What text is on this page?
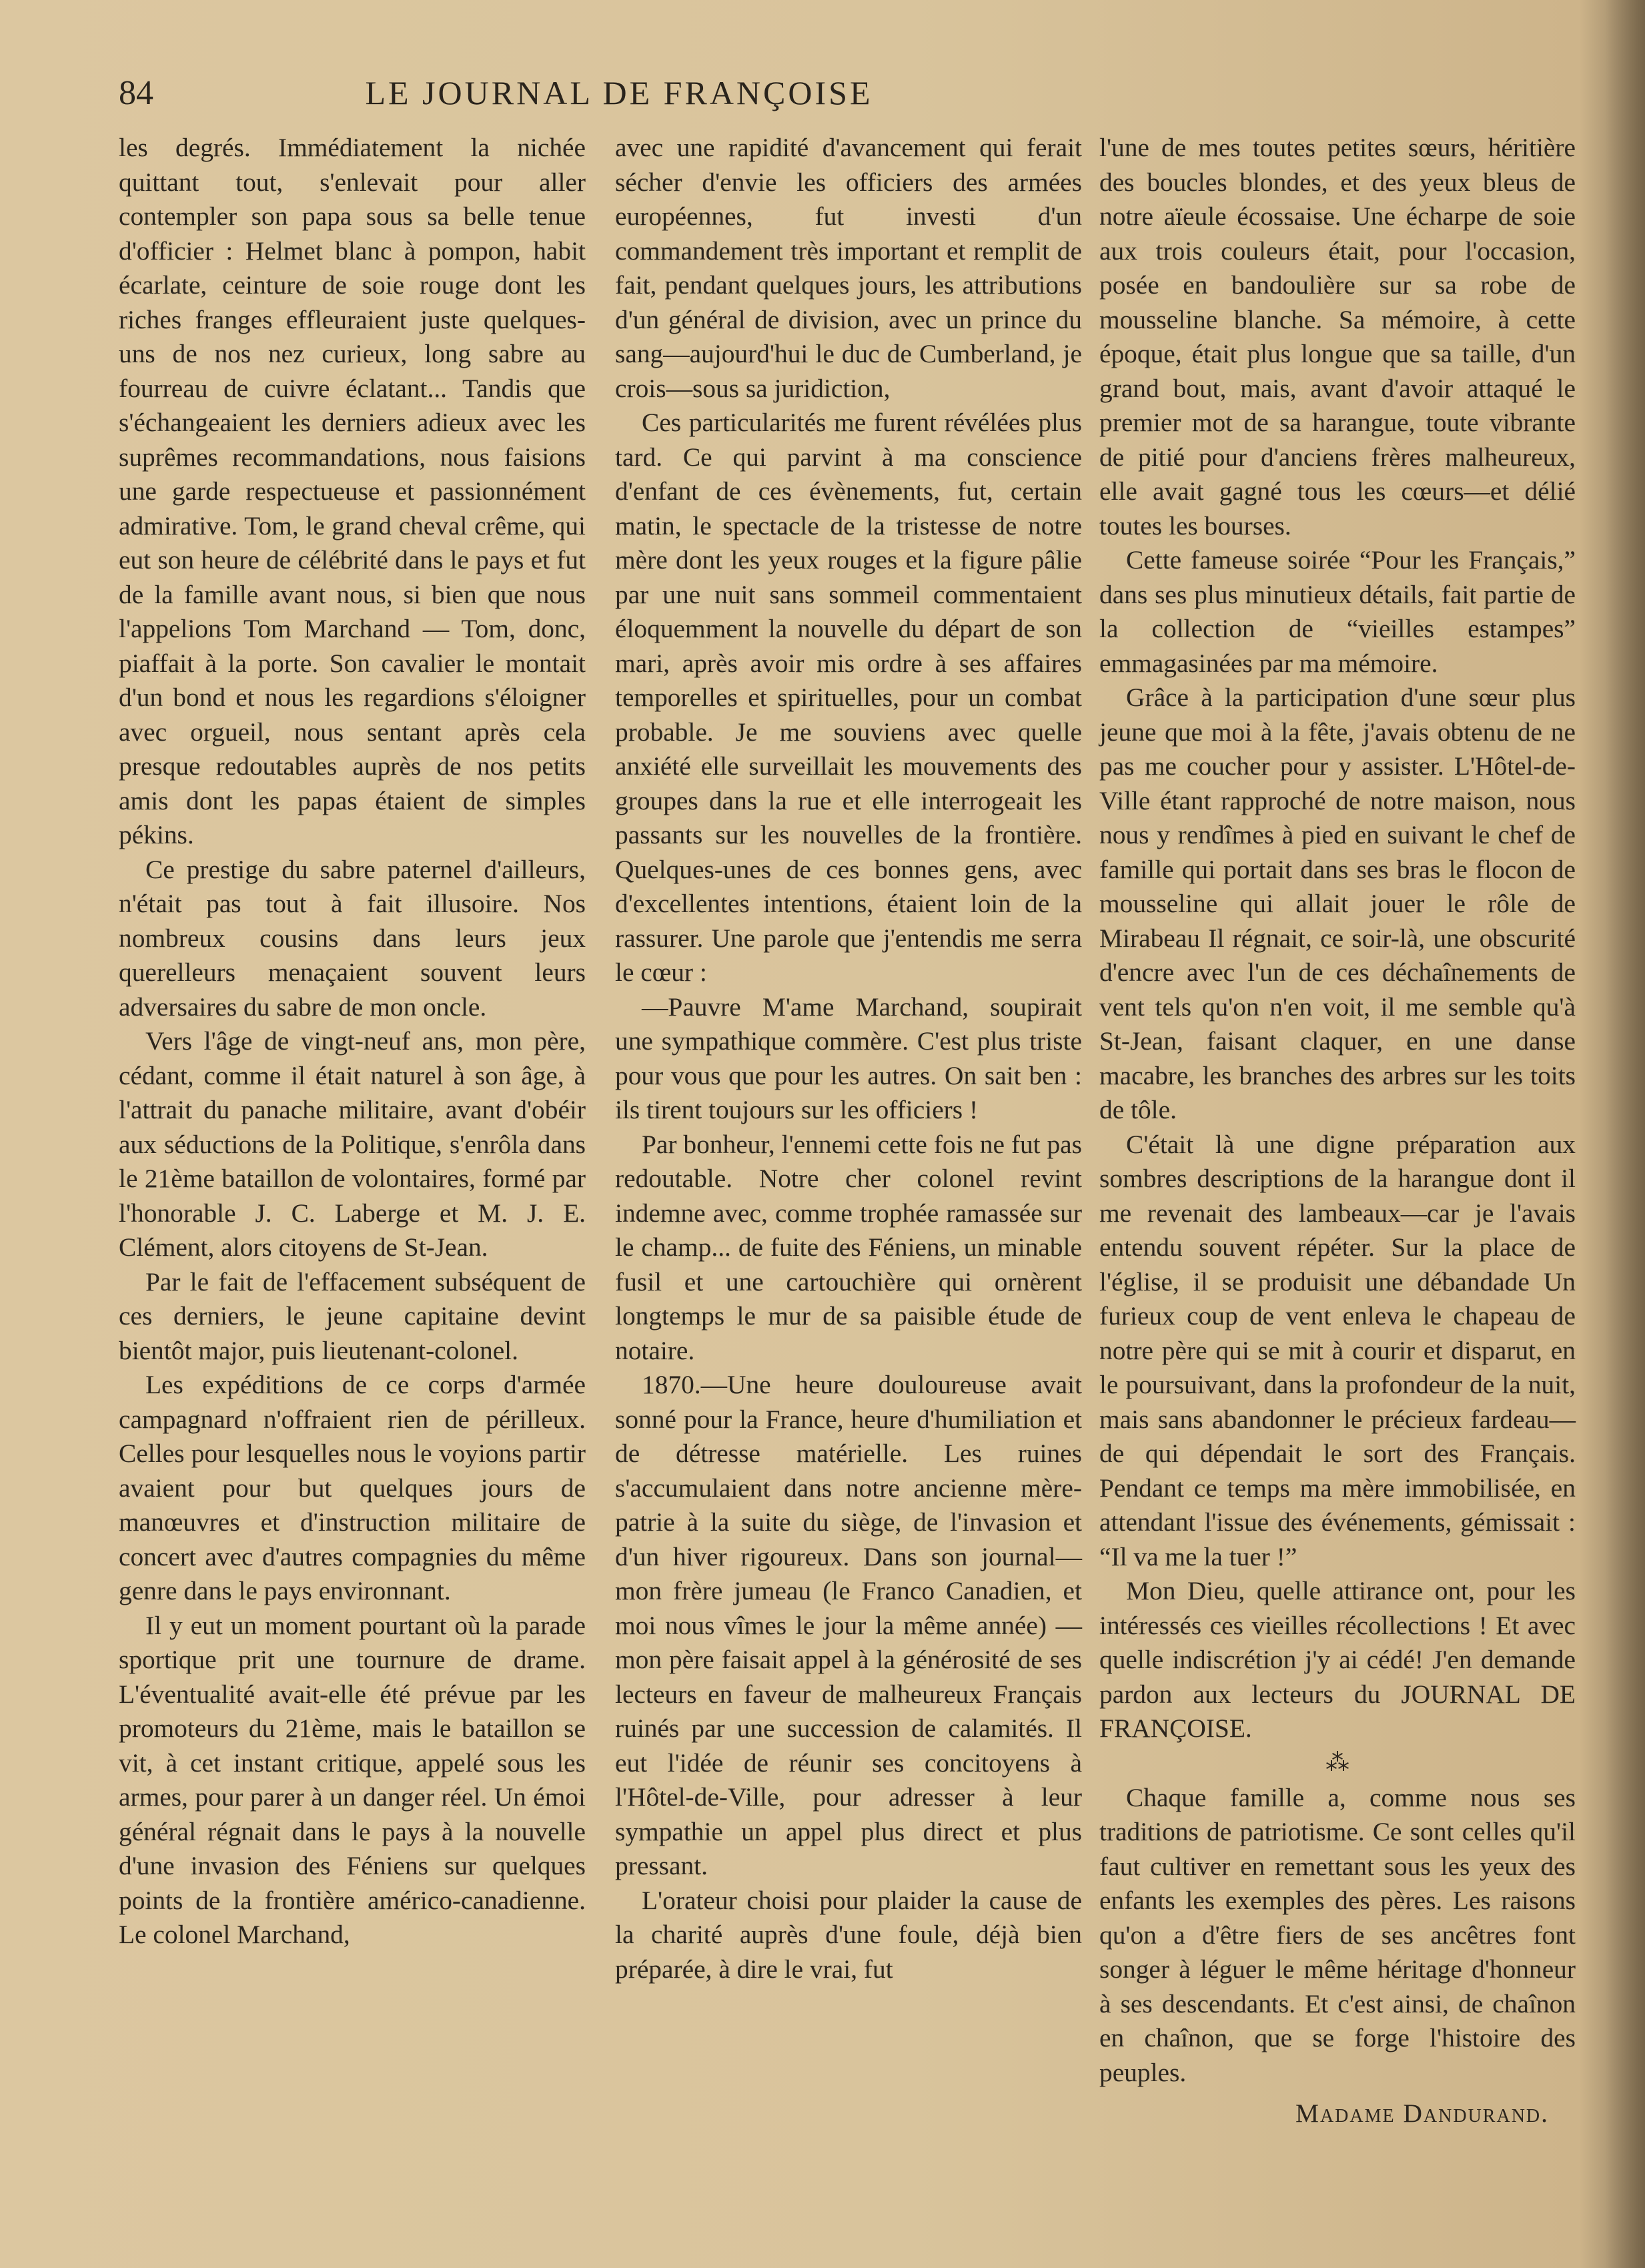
84	LE JOURNAL DE FRANÇOISE

les degrés. Immédiatement la nichée quittant tout, s'enlevait pour aller contempler son papa sous sa belle tenue d'officier : Helmet blanc à pompon, habit écarlate, ceinture de soie rouge dont les riches franges effleuraient juste quelques-uns de nos nez curieux, long sabre au fourreau de cuivre éclatant... Tandis que s'échangeaient les derniers adieux avec les suprêmes recommandations, nous faisions une garde respectueuse et passionnément admirative. Tom, le grand cheval crême, qui eut son heure de célébrité dans le pays et fut de la famille avant nous, si bien que nous l'appelions Tom Marchand — Tom, donc, piaffait à la porte. Son cavalier le montait d'un bond et nous les regardions s'éloigner avec orgueil, nous sentant après cela presque redoutables auprès de nos petits amis dont les papas étaient de simples pékins.

Ce prestige du sabre paternel d'ailleurs, n'était pas tout à fait illusoire. Nos nombreux cousins dans leurs jeux querelleurs menaçaient souvent leurs adversaires du sabre de mon oncle.

Vers l'âge de vingt-neuf ans, mon père, cédant, comme il était naturel à son âge, à l'attrait du panache militaire, avant d'obéir aux séductions de la Politique, s'enrôla dans le 21ème bataillon de volontaires, formé par l'honorable J. C. Laberge et M. J. E. Clément, alors citoyens de St-Jean.

Par le fait de l'effacement subséquent de ces derniers, le jeune capitaine devint bientôt major, puis lieutenant-colonel.

Les expéditions de ce corps d'armée campagnard n'offraient rien de périlleux. Celles pour lesquelles nous le voyions partir avaient pour but quelques jours de manœuvres et d'instruction militaire de concert avec d'autres compagnies du même genre dans le pays environnant.

Il y eut un moment pourtant où la parade sportique prit une tournure de drame. L'éventualité avait-elle été prévue par les promoteurs du 21ème, mais le bataillon se vit, à cet instant critique, appelé sous les armes, pour parer à un danger réel. Un émoi général régnait dans le pays à la nouvelle d'une invasion des Féniens sur quelques points de la frontière américo-canadienne. Le colonel Marchand,

avec une rapidité d'avancement qui ferait sécher d'envie les officiers des armées européennes, fut investi d'un commandement très important et remplit de fait, pendant quelques jours, les attributions d'un général de division, avec un prince du sang—aujourd'hui le duc de Cumberland, je crois—sous sa juridiction,

Ces particularités me furent révélées plus tard. Ce qui parvint à ma conscience d'enfant de ces évènements, fut, certain matin, le spectacle de la tristesse de notre mère dont les yeux rouges et la figure pâlie par une nuit sans sommeil commentaient éloquemment la nouvelle du départ de son mari, après avoir mis ordre à ses affaires temporelles et spirituelles, pour un combat probable. Je me souviens avec quelle anxiété elle surveillait les mouvements des groupes dans la rue et elle interrogeait les passants sur les nouvelles de la frontière. Quelques-unes de ces bonnes gens, avec d'excellentes intentions, étaient loin de la rassurer. Une parole que j'entendis me serra le cœur :

—Pauvre M'ame Marchand, soupirait une sympathique commère. C'est plus triste pour vous que pour les autres. On sait ben : ils tirent toujours sur les officiers !

Par bonheur, l'ennemi cette fois ne fut pas redoutable. Notre cher colonel revint indemne avec, comme trophée ramassée sur le champ... de fuite des Féniens, un minable fusil et une cartouchière qui ornèrent longtemps le mur de sa paisible étude de notaire.

1870.—Une heure douloureuse avait sonné pour la France, heure d'humiliation et de détresse matérielle. Les ruines s'accumulaient dans notre ancienne mère-patrie à la suite du siège, de l'invasion et d'un hiver rigoureux. Dans son journal—mon frère jumeau (le Franco Canadien, et moi nous vîmes le jour la même année) —mon père faisait appel à la générosité de ses lecteurs en faveur de malheureux Français ruinés par une succession de calamités. Il eut l'idée de réunir ses concitoyens à l'Hôtel-de-Ville, pour adresser à leur sympathie un appel plus direct et plus pressant.

L'orateur choisi pour plaider la cause de la charité auprès d'une foule, déjà bien préparée, à dire le vrai, fut

l'une de mes toutes petites sœurs, héritière des boucles blondes, et des yeux bleus de notre aïeule écossaise. Une écharpe de soie aux trois couleurs était, pour l'occasion, posée en bandoulière sur sa robe de mousseline blanche. Sa mémoire, à cette époque, était plus longue que sa taille, d'un grand bout, mais, avant d'avoir attaqué le premier mot de sa harangue, toute vibrante de pitié pour d'anciens frères malheureux, elle avait gagné tous les cœurs—et délié toutes les bourses.

Cette fameuse soirée “Pour les Français,” dans ses plus minutieux détails, fait partie de la collection de “vieilles estampes” emmagasinées par ma mémoire.

Grâce à la participation d'une sœur plus jeune que moi à la fête, j'avais obtenu de ne pas me coucher pour y assister. L'Hôtel-de-Ville étant rapproché de notre maison, nous nous y rendîmes à pied en suivant le chef de famille qui portait dans ses bras le flocon de mousseline qui allait jouer le rôle de Mirabeau Il régnait, ce soir-là, une obscurité d'encre avec l'un de ces déchaînements de vent tels qu'on n'en voit, il me semble qu'à St-Jean, faisant claquer, en une danse macabre, les branches des arbres sur les toits de tôle.

C'était là une digne préparation aux sombres descriptions de la harangue dont il me revenait des lambeaux—car je l'avais entendu souvent répéter. Sur la place de l'église, il se produisit une débandade Un furieux coup de vent enleva le chapeau de notre père qui se mit à courir et disparut, en le poursuivant, dans la profondeur de la nuit, mais sans abandonner le précieux fardeau—de qui dépendait le sort des Français. Pendant ce temps ma mère immobilisée, en attendant l'issue des événements, gémissait : “Il va me la tuer !”

Mon Dieu, quelle attirance ont, pour les intéressés ces vieilles récollections ! Et avec quelle indiscrétion j'y ai cédé! J'en demande pardon aux lecteurs du JOURNAL DE FRANÇOISE.

⁂

Chaque famille a, comme nous ses traditions de patriotisme. Ce sont celles qu'il faut cultiver en remettant sous les yeux des enfants les exemples des pères. Les raisons qu'on a d'être fiers de ses ancêtres font songer à léguer le même héritage d'honneur à ses descendants. Et c'est ainsi, de chaînon en chaînon, que se forge l'histoire des peuples.

Madame Dandurand.
